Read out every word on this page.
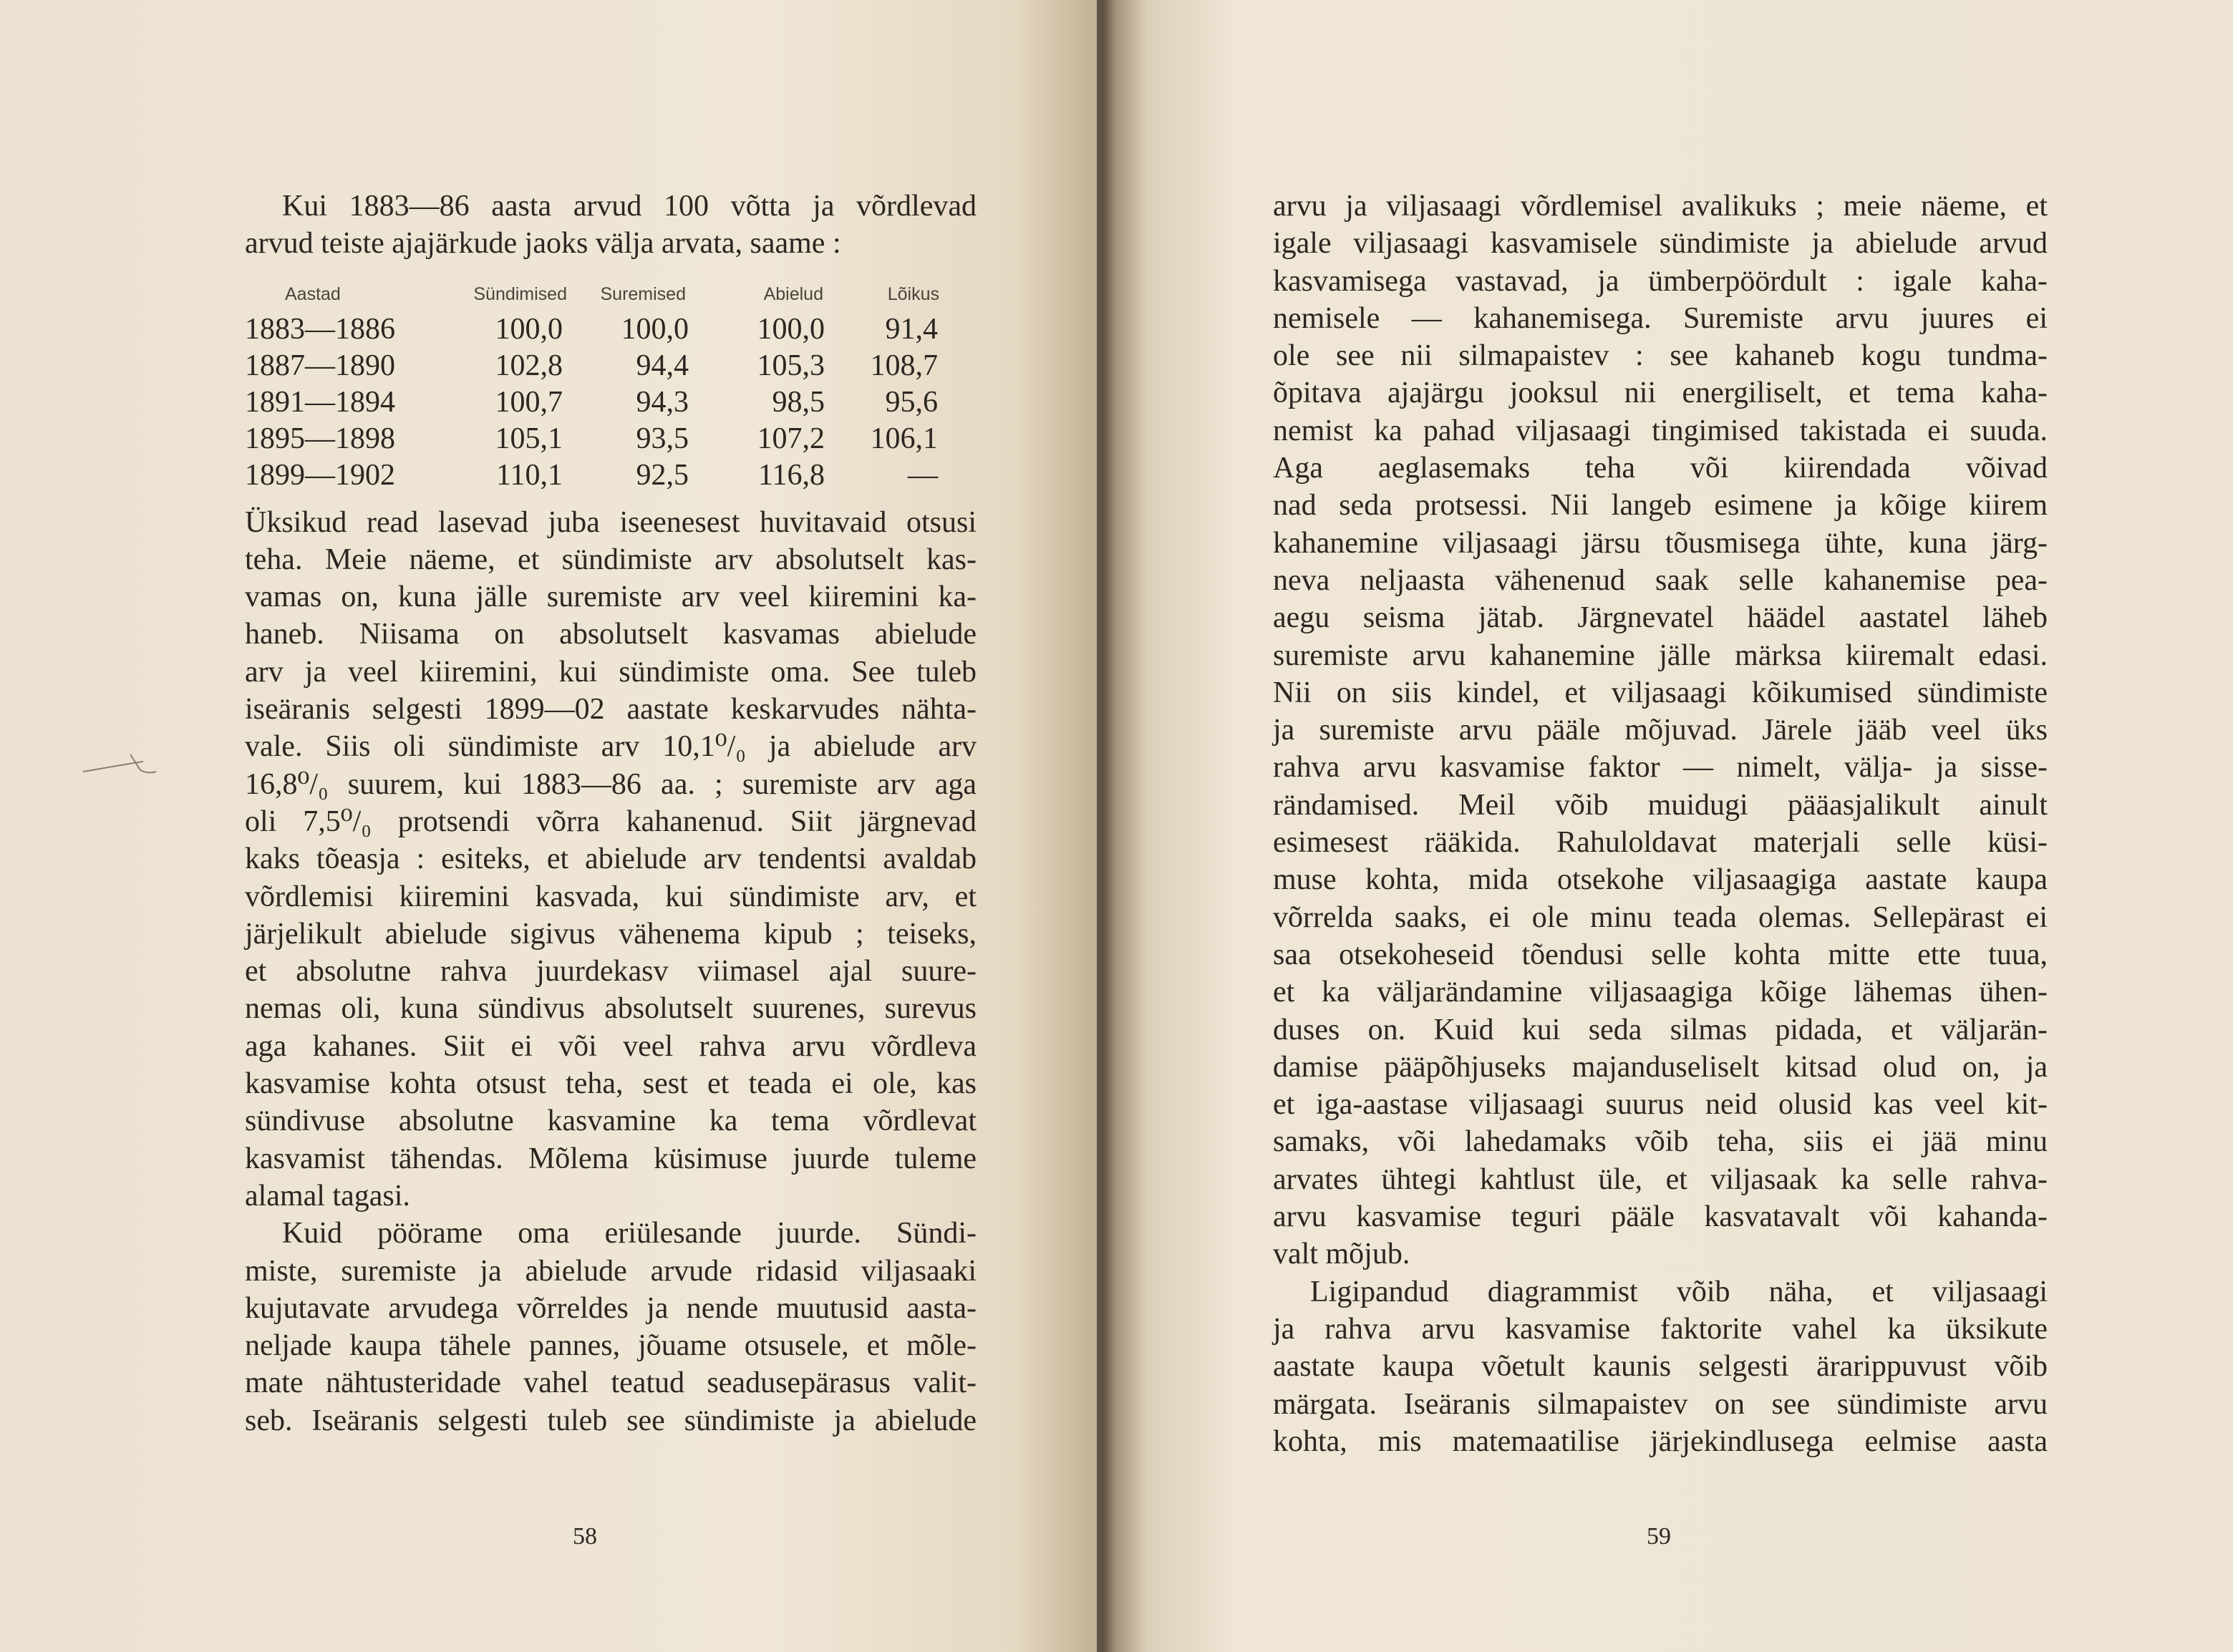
Kui 1883—86 aasta arvud 100 võtta ja võrdlevad

arvud teiste ajajärkude jaoks välja arvata, saame :

Aastad	Sündimised	Suremised	Abielud	Lõikus
1883—1886	100,0	100,0	100,0	91,4
1887—1890	102,8	94,4	105,3	108,7
1891—1894	100,7	94,3	98,5	95,6
1895—1898	105,1	93,5	107,2	106,1
1899—1902	110,1	92,5	116,8	—

Üksikud read lasevad juba iseenesest huvitavaid otsusi

teha. Meie näeme, et sündimiste arv absolutselt kas-

vamas on, kuna jälle suremiste arv veel kiiremini ka-

haneb. Niisama on absolutselt kasvamas abielude

arv ja veel kiiremini, kui sündimiste oma. See tuleb

iseäranis selgesti 1899—02 aastate keskarvudes nähta-

vale. Siis oli sündimiste arv 10,1⁰/₀ ja abielude arv

16,8⁰/₀ suurem, kui 1883—86 aa. ; suremiste arv aga

oli 7,5⁰/₀ protsendi võrra kahanenud. Siit järgnevad

kaks tõeasja : esiteks, et abielude arv tendentsi avaldab

võrdlemisi kiiremini kasvada, kui sündimiste arv, et

järjelikult abielude sigivus vähenema kipub ; teiseks,

et absolutne rahva juurdekasv viimasel ajal suure-

nemas oli, kuna sündivus absolutselt suurenes, surevus

aga kahanes. Siit ei või veel rahva arvu võrdleva

kasvamise kohta otsust teha, sest et teada ei ole, kas

sündivuse absolutne kasvamine ka tema võrdlevat

kasvamist tähendas. Mõlema küsimuse juurde tuleme

alamal tagasi.

Kuid pöörame oma eriülesande juurde. Sündi-

miste, suremiste ja abielude arvude ridasid viljasaaki

kujutavate arvudega võrreldes ja nende muutusid aasta-

neljade kaupa tähele pannes, jõuame otsusele, et mõle-

mate nähtusteridade vahel teatud seadusepärasus valit-

seb. Iseäranis selgesti tuleb see sündimiste ja abielude

58

arvu ja viljasaagi võrdlemisel avalikuks ; meie näeme, et

igale viljasaagi kasvamisele sündimiste ja abielude arvud

kasvamisega vastavad, ja ümberpöördult : igale kaha-

nemisele — kahanemisega. Suremiste arvu juures ei

ole see nii silmapaistev : see kahaneb kogu tundma-

õpitava ajajärgu jooksul nii energiliselt, et tema kaha-

nemist ka pahad viljasaagi tingimised takistada ei suuda.

Aga aeglasemaks teha või kiirendada võivad

nad seda protsessi. Nii langeb esimene ja kõige kiirem

kahanemine viljasaagi järsu tõusmisega ühte, kuna järg-

neva neljaasta vähenenud saak selle kahanemise pea-

aegu seisma jätab. Järgnevatel häädel aastatel läheb

suremiste arvu kahanemine jälle märksa kiiremalt edasi.

Nii on siis kindel, et viljasaagi kõikumised sündimiste

ja suremiste arvu pääle mõjuvad. Järele jääb veel üks

rahva arvu kasvamise faktor — nimelt, välja- ja sisse-

rändamised. Meil võib muidugi pääasjalikult ainult

esimesest rääkida. Rahuloldavat materjali selle küsi-

muse kohta, mida otsekohe viljasaagiga aastate kaupa

võrrelda saaks, ei ole minu teada olemas. Sellepärast ei

saa otsekoheseid tõendusi selle kohta mitte ette tuua,

et ka väljarändamine viljasaagiga kõige lähemas ühen-

duses on. Kuid kui seda silmas pidada, et väljarän-

damise pääpõhjuseks majanduseliselt kitsad olud on, ja

et iga-aastase viljasaagi suurus neid olusid kas veel kit-

samaks, või lahedamaks võib teha, siis ei jää minu

arvates ühtegi kahtlust üle, et viljasaak ka selle rahva-

arvu kasvamise teguri pääle kasvatavalt või kahanda-

valt mõjub.

Ligipandud diagrammist võib näha, et viljasaagi

ja rahva arvu kasvamise faktorite vahel ka üksikute

aastate kaupa võetult kaunis selgesti ärarippuvust võib

märgata. Iseäranis silmapaistev on see sündimiste arvu

kohta, mis matemaatilise järjekindlusega eelmise aasta

59
